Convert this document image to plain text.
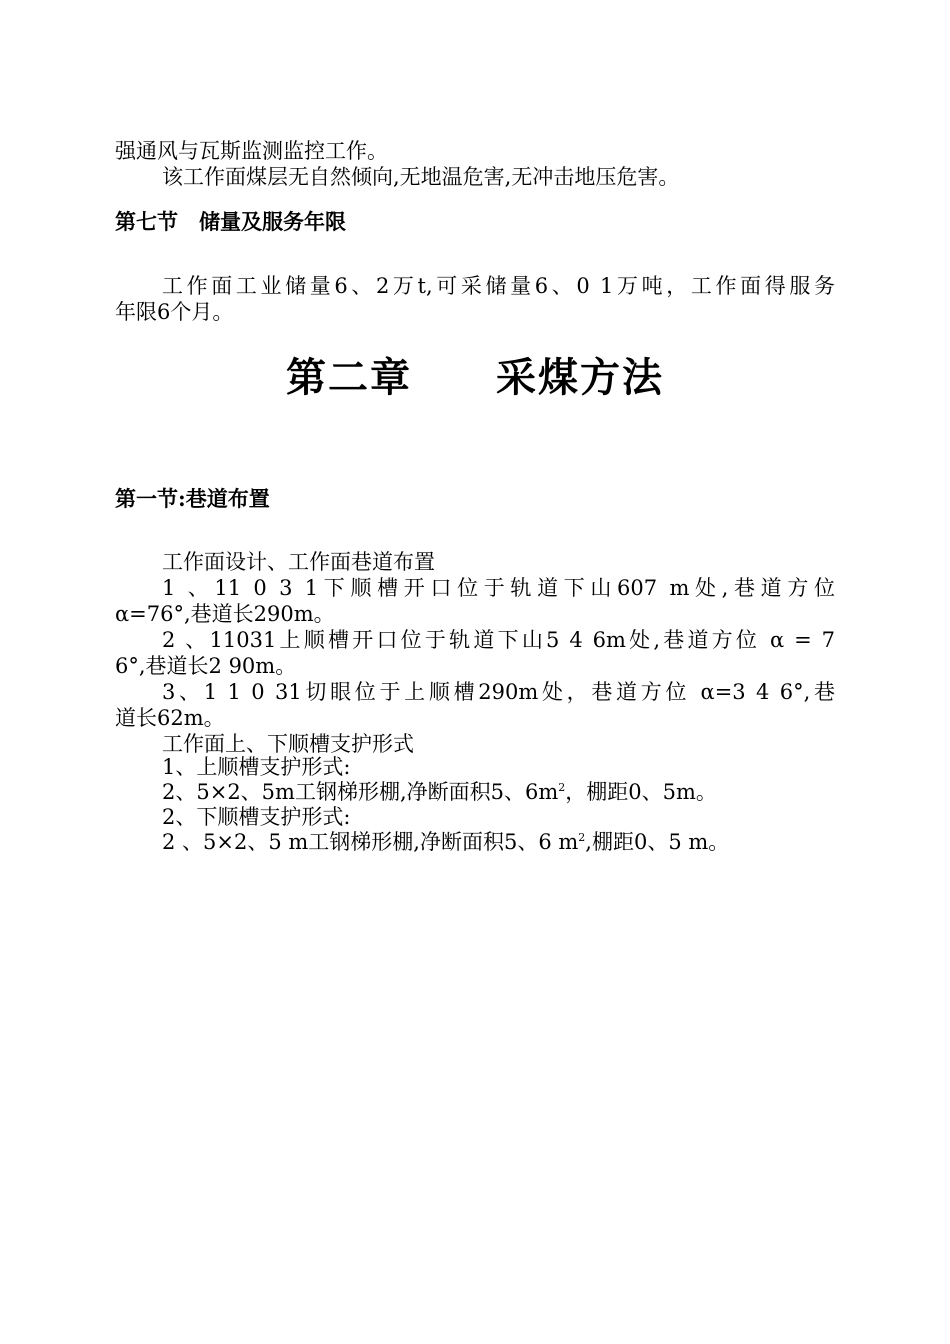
强通风与瓦斯监测监控工作。
该工作面煤层无自然倾向,无地温危害,无冲击地压危害。
第七节　储量及服务年限
工作面工业储量6、2万t,可采储量6、0 1万吨，工作面得服务
年限6个月。
第二章　　采煤方法
第一节:巷道布置
工作面设计、工作面巷道布置
1 、11 0 3 1下顺槽开口位于轨道下山607 m处,巷道方位
α=76°,巷道长290m。
2 、11031上顺槽开口位于轨道下山5 4 6m处,巷道方位 α = 7
6°,巷道长2 90m。
3、1 1 0 31切眼位于上顺槽290m处，巷道方位 α=3 4 6°,巷
道长62m。
工作面上、下顺槽支护形式
1、上顺槽支护形式:
2、5×2、5m工钢梯形棚,净断面积5、$6m^2$，棚距0、5m。
2、下顺槽支护形式:
2 、5×2、5 m工钢梯形棚,净断面积5、6 $m^2$,棚距0、5 m。
